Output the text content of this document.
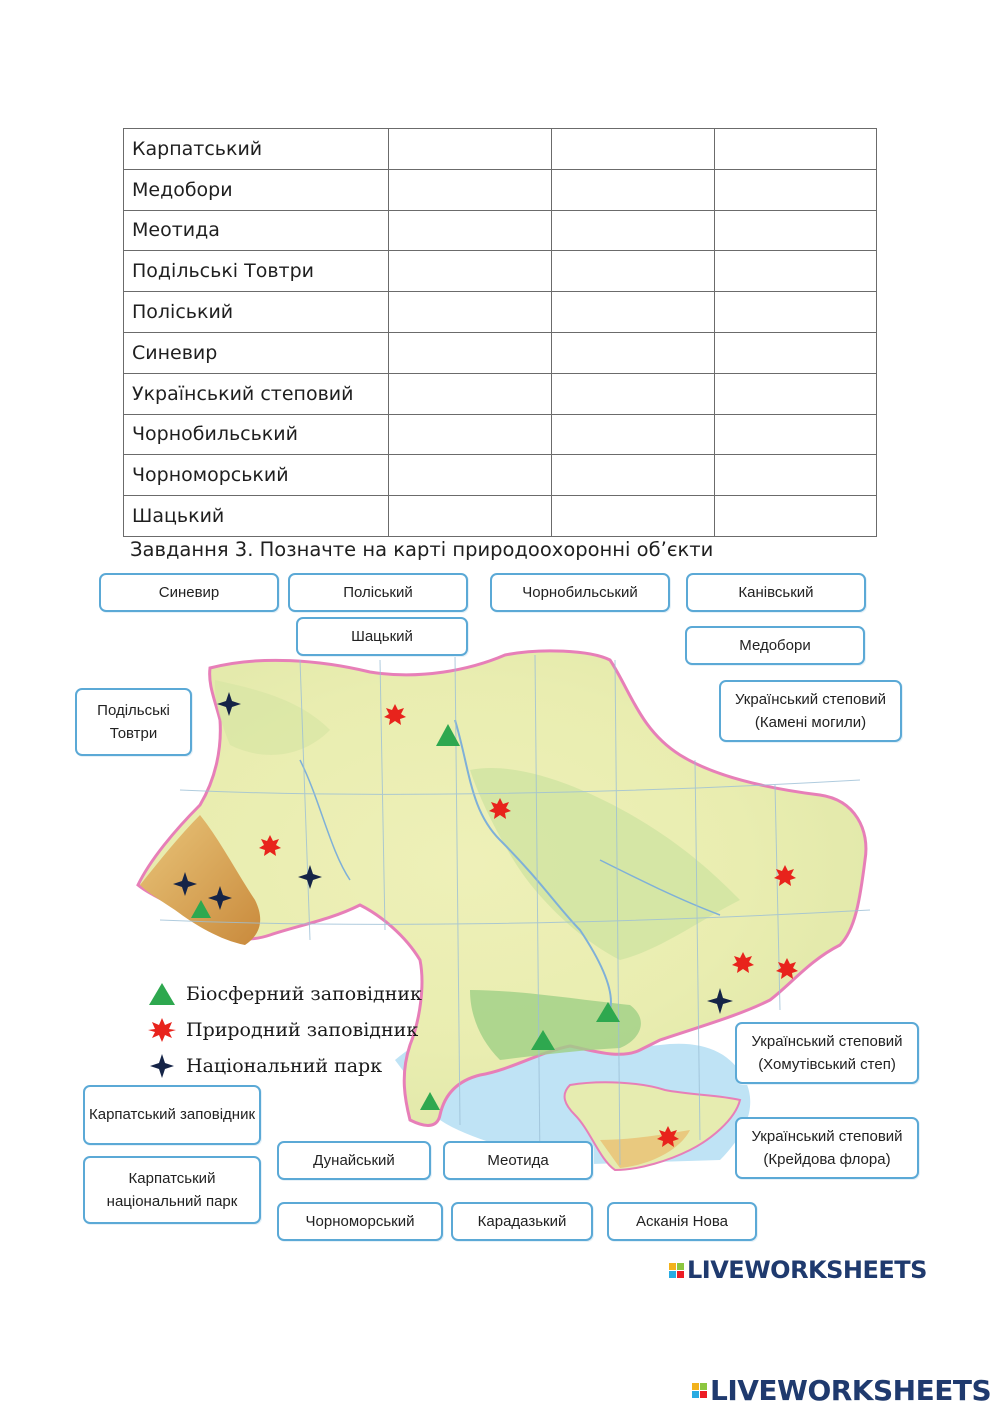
Карпатський			
Медобори			
Меотида			
Подільські Товтри			
Поліський			
Синевир			
Український степовий			
Чорнобильський			
Чорноморський			
Шацький			
Завдання 3. Позначте на карті природоохоронні об’єкти
Біосферний заповідник
Природний заповідник
Національний парк
Синевир	Поліський	Чорнобильський	Канівський
Шацький
Медобори
Подільські Товтри
Український степовий (Камені могили)
Український степовий (Хомутівський степ)
Карпатський заповідник
Український степовий (Крейдова флора)
Дунайський	Меотида
Карпатський національний парк
Чорноморський	Карадазький	Асканія Нова
LIVEWORKSHEETS
LIVEWORKSHEETS
